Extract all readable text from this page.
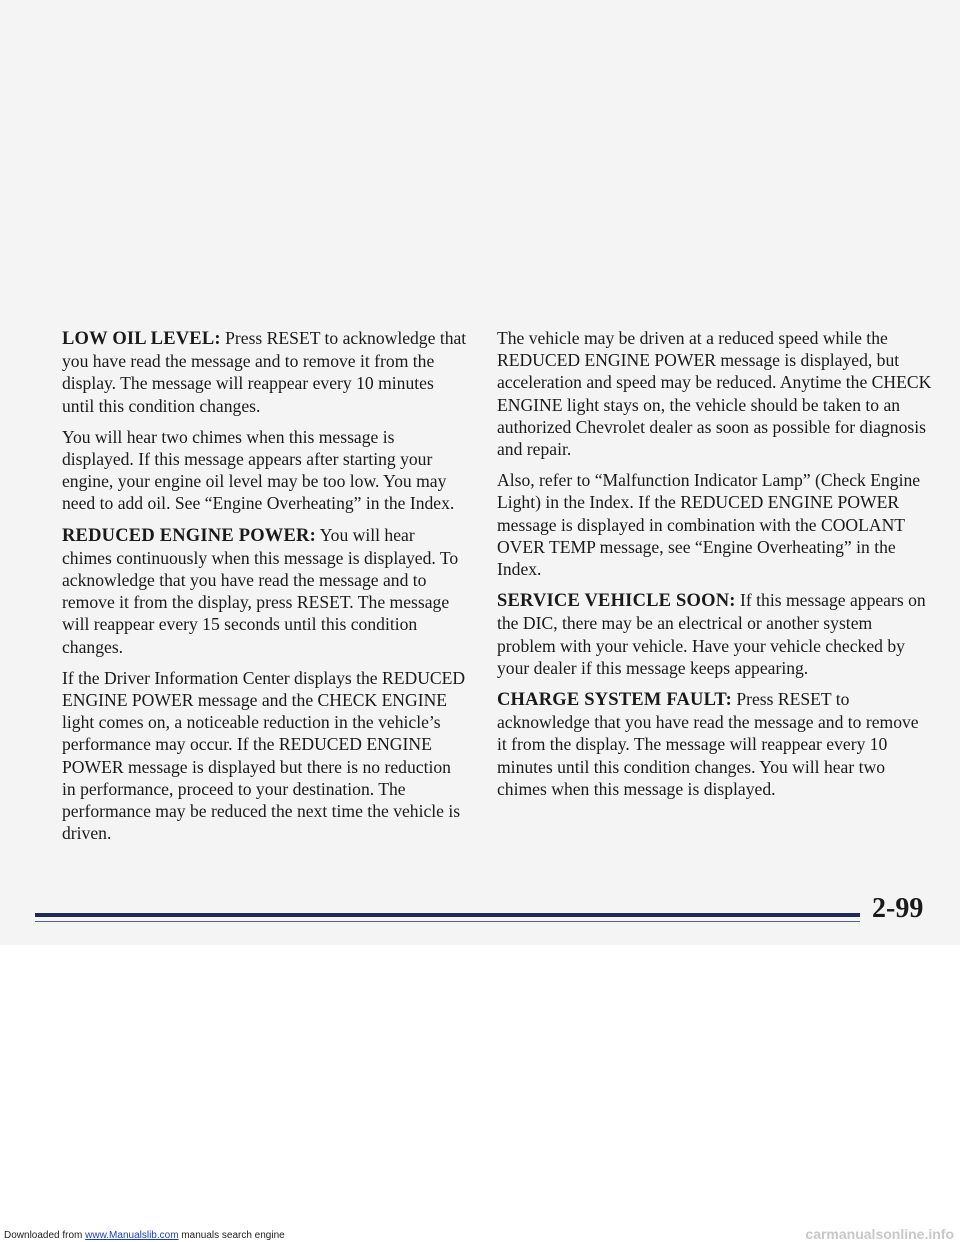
LOW OIL LEVEL: Press RESET to acknowledge that you have read the message and to remove it from the display. The message will reappear every 10 minutes until this condition changes.

You will hear two chimes when this message is displayed. If this message appears after starting your engine, your engine oil level may be too low. You may need to add oil. See “Engine Overheating” in the Index.

REDUCED ENGINE POWER: You will hear chimes continuously when this message is displayed. To acknowledge that you have read the message and to remove it from the display, press RESET. The message will reappear every 15 seconds until this condition changes.

If the Driver Information Center displays the REDUCED ENGINE POWER message and the CHECK ENGINE light comes on, a noticeable reduction in the vehicle’s performance may occur. If the REDUCED ENGINE POWER message is displayed but there is no reduction in performance, proceed to your destination. The performance may be reduced the next time the vehicle is driven.

The vehicle may be driven at a reduced speed while the REDUCED ENGINE POWER message is displayed, but acceleration and speed may be reduced. Anytime the CHECK ENGINE light stays on, the vehicle should be taken to an authorized Chevrolet dealer as soon as possible for diagnosis and repair.

Also, refer to “Malfunction Indicator Lamp” (Check Engine Light) in the Index. If the REDUCED ENGINE POWER message is displayed in combination with the COOLANT OVER TEMP message, see “Engine Overheating” in the Index.

SERVICE VEHICLE SOON: If this message appears on the DIC, there may be an electrical or another system problem with your vehicle. Have your vehicle checked by your dealer if this message keeps appearing.

CHARGE SYSTEM FAULT: Press RESET to acknowledge that you have read the message and to remove it from the display. The message will reappear every 10 minutes until this condition changes. You will hear two chimes when this message is displayed.

2-99
Downloaded from www.Manualslib.com manuals search engine	carmanualsonline.info
